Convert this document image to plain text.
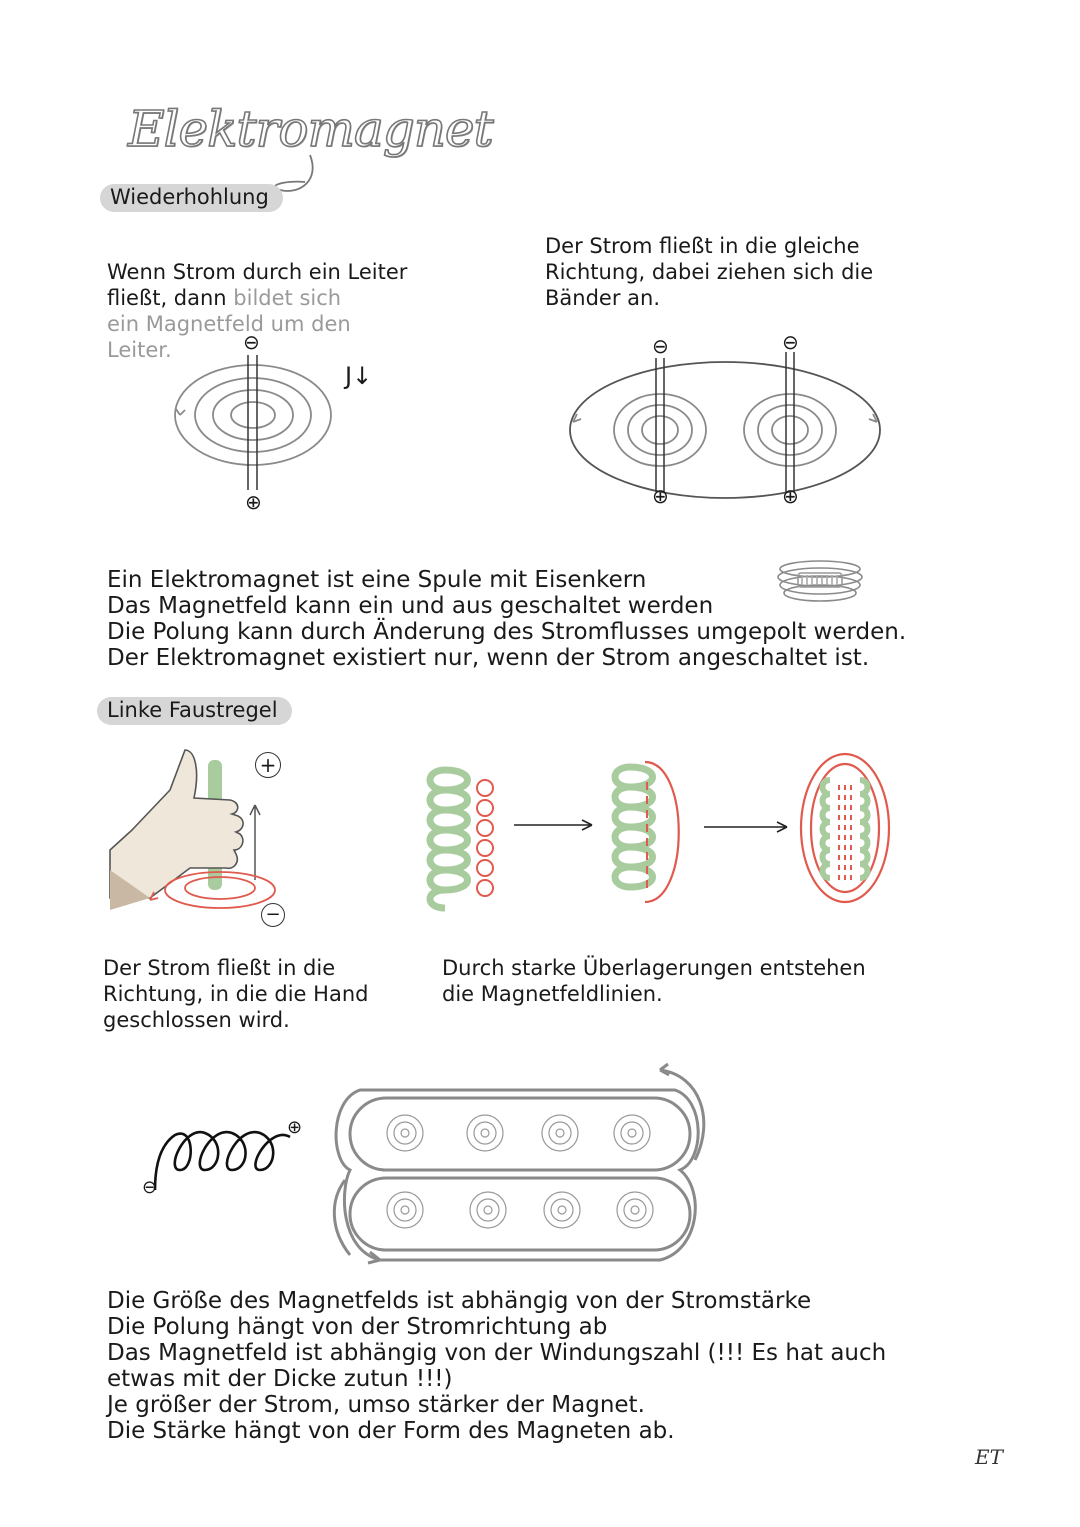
Elektromagnet
Wiederhohlung

Wenn Strom durch ein Leiter
fließt, dann bildet sich
ein Magnetfeld um den
Leiter.

Der Strom fließt in die gleiche
Richtung, dabei ziehen sich die
Bänder an.
⊖
⊕
J↓
⊖	⊖
⊕	⊕
Ein Elektromagnet ist eine Spule mit Eisenkern
Das Magnetfeld kann ein und aus geschaltet werden
Die Polung kann durch Änderung des Stromflusses umgepolt werden.
Der Elektromagnet existiert nur, wenn der Strom angeschaltet ist.
Linke Faustregel
+
−
Der Strom fließt in die
Richtung, in die die Hand
geschlossen wird.
Durch starke Überlagerungen entstehen
die Magnetfeldlinien.
⊖
⊕
Die Größe des Magnetfelds ist abhängig von der Stromstärke
Die Polung hängt von der Stromrichtung ab
Das Magnetfeld ist abhängig von der Windungszahl (!!! Es hat auch
etwas mit der Dicke zutun !!!)
Je größer der Strom, umso stärker der Magnet.
Die Stärke hängt von der Form des Magneten ab.
ET
